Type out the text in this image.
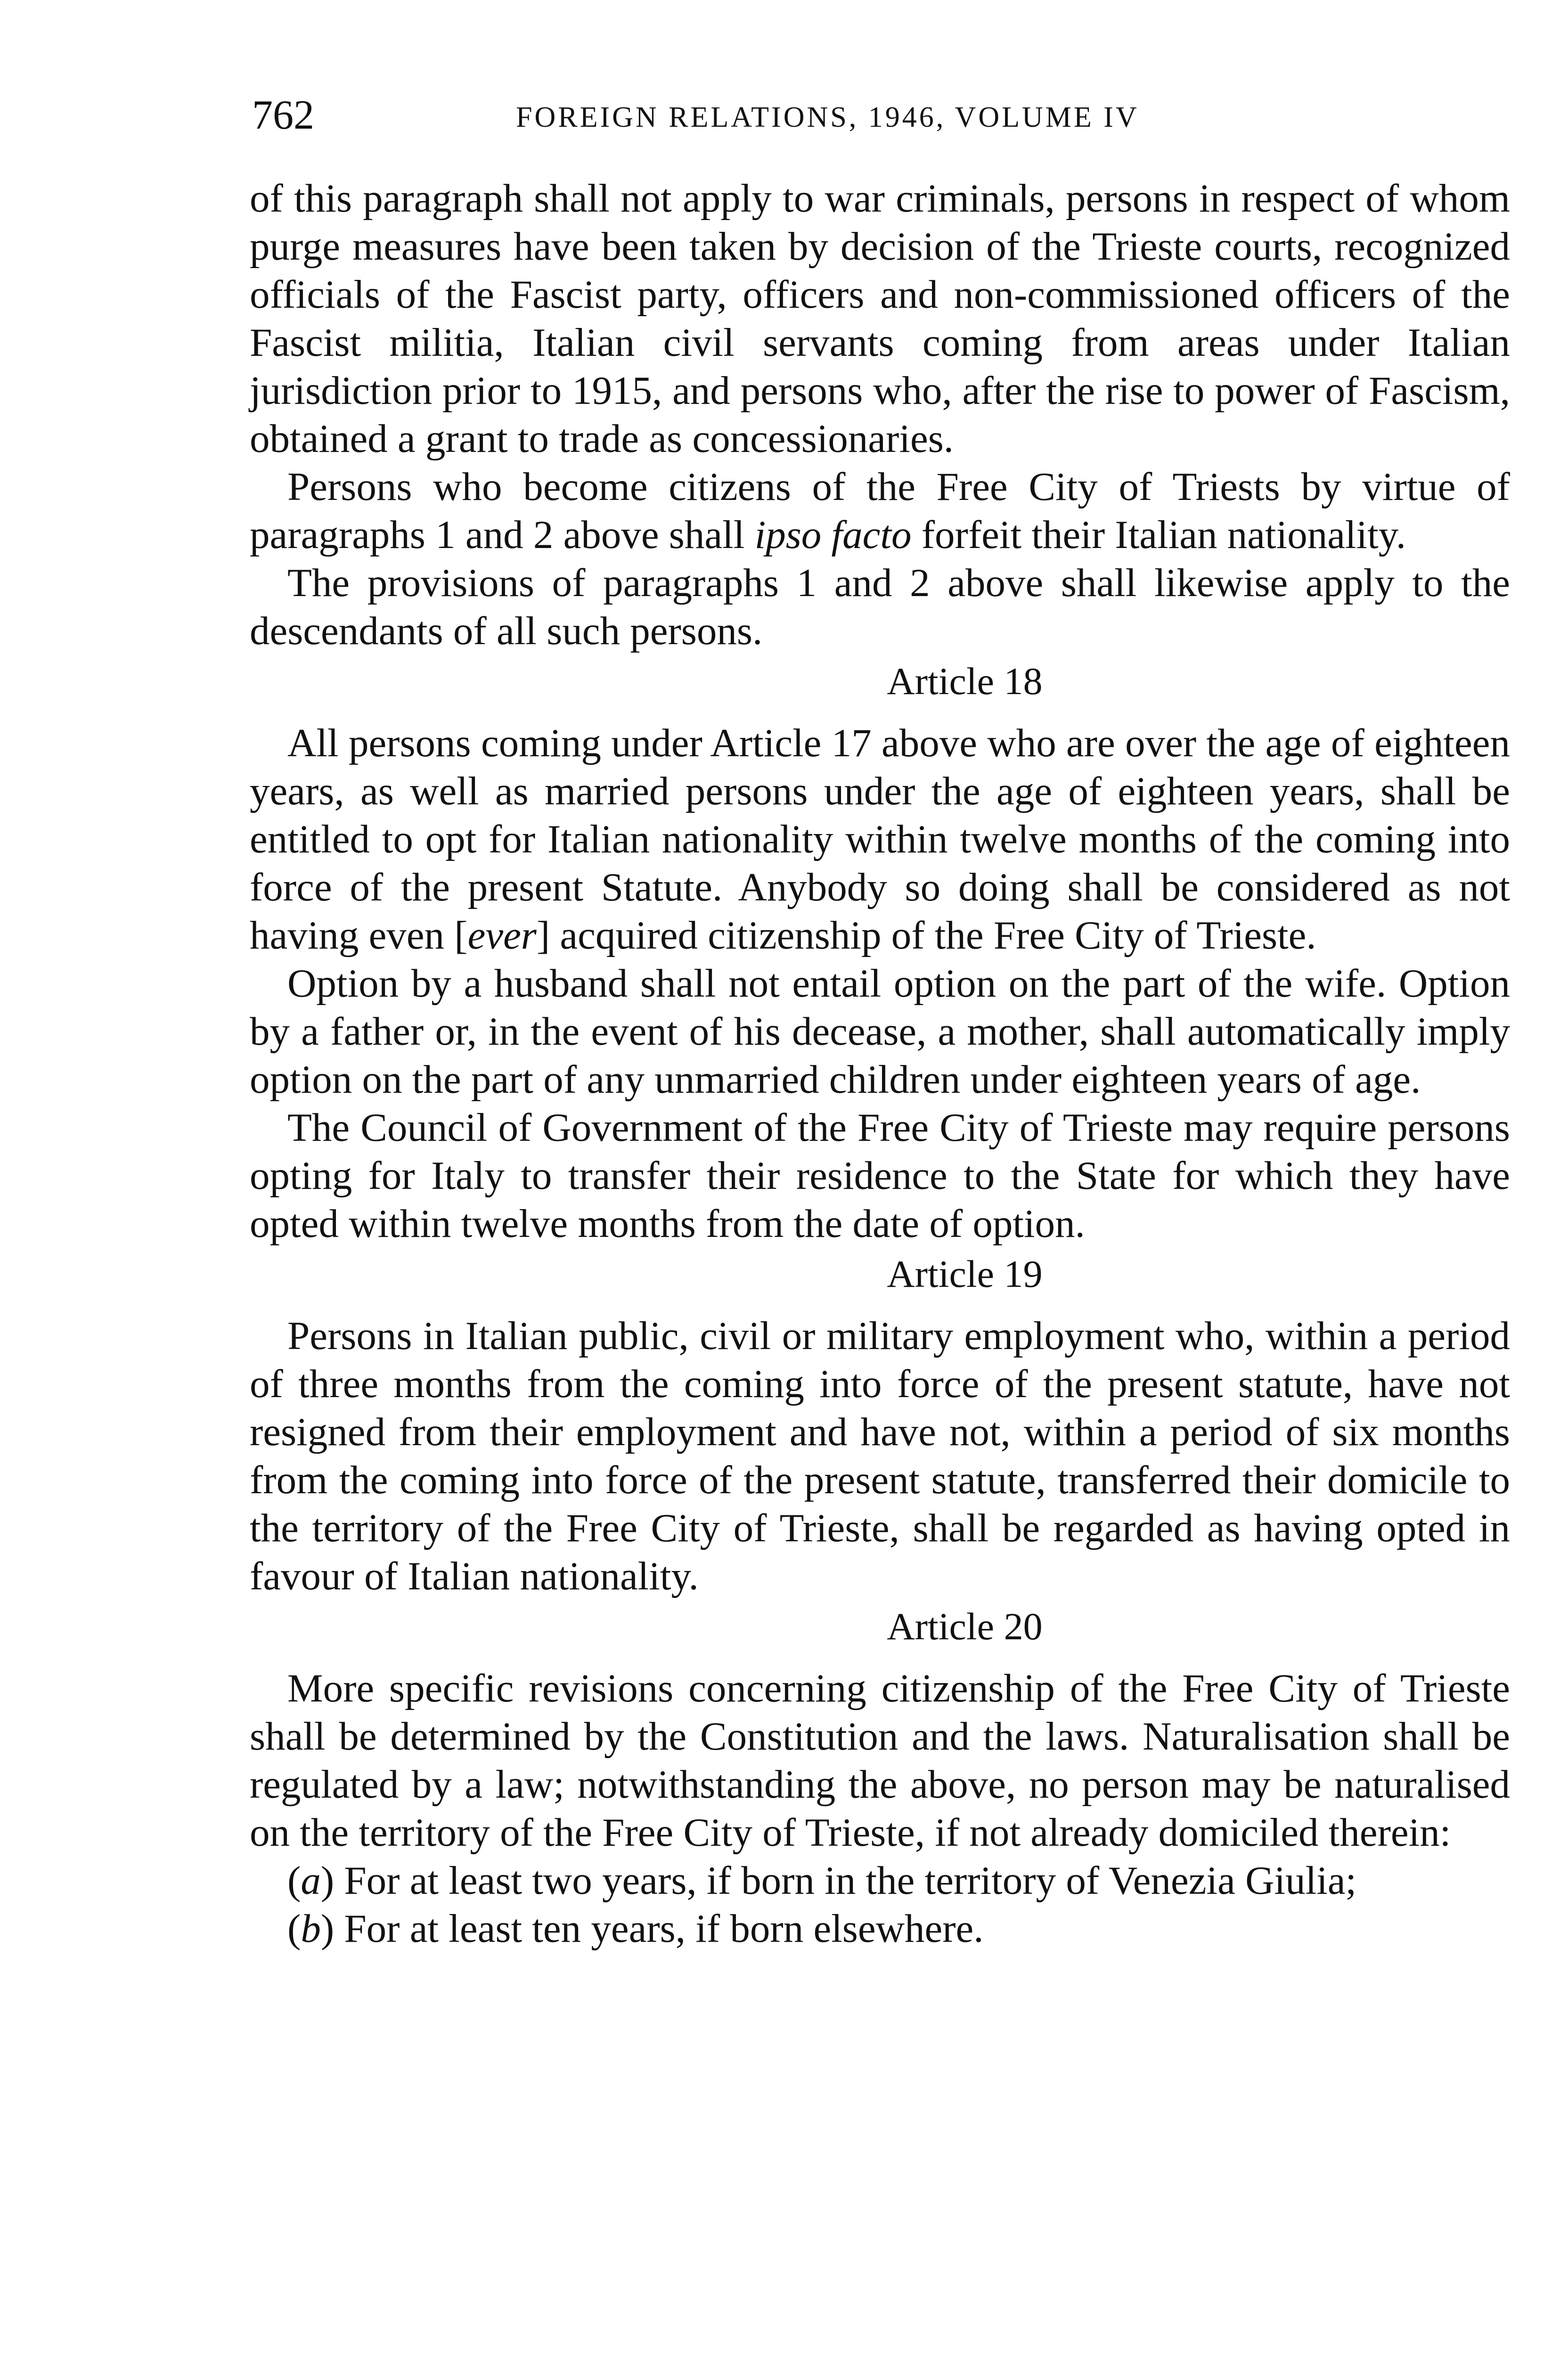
762	FOREIGN RELATIONS, 1946, VOLUME IV

of this paragraph shall not apply to war criminals, persons in respect of whom purge measures have been taken by decision of the Trieste courts, recognized officials of the Fascist party, officers and non-commissioned officers of the Fascist militia, Italian civil servants coming from areas under Italian jurisdiction prior to 1915, and persons who, after the rise to power of Fascism, obtained a grant to trade as concessionaries.

Persons who become citizens of the Free City of Triests by virtue of paragraphs 1 and 2 above shall ipso facto forfeit their Italian nationality.

The provisions of paragraphs 1 and 2 above shall likewise apply to the descendants of all such persons.

Article 18

All persons coming under Article 17 above who are over the age of eighteen years, as well as married persons under the age of eighteen years, shall be entitled to opt for Italian nationality within twelve months of the coming into force of the present Statute. Anybody so doing shall be considered as not having even [ever] acquired citizenship of the Free City of Trieste.

Option by a husband shall not entail option on the part of the wife. Option by a father or, in the event of his decease, a mother, shall automatically imply option on the part of any unmarried children under eighteen years of age.

The Council of Government of the Free City of Trieste may require persons opting for Italy to transfer their residence to the State for which they have opted within twelve months from the date of option.

Article 19

Persons in Italian public, civil or military employment who, within a period of three months from the coming into force of the present statute, have not resigned from their employment and have not, within a period of six months from the coming into force of the present statute, transferred their domicile to the territory of the Free City of Trieste, shall be regarded as having opted in favour of Italian nationality.

Article 20

More specific revisions concerning citizenship of the Free City of Trieste shall be determined by the Constitution and the laws. Naturalisation shall be regulated by a law; notwithstanding the above, no person may be naturalised on the territory of the Free City of Trieste, if not already domiciled therein:

(a) For at least two years, if born in the territory of Venezia Giulia;

(b) For at least ten years, if born elsewhere.
